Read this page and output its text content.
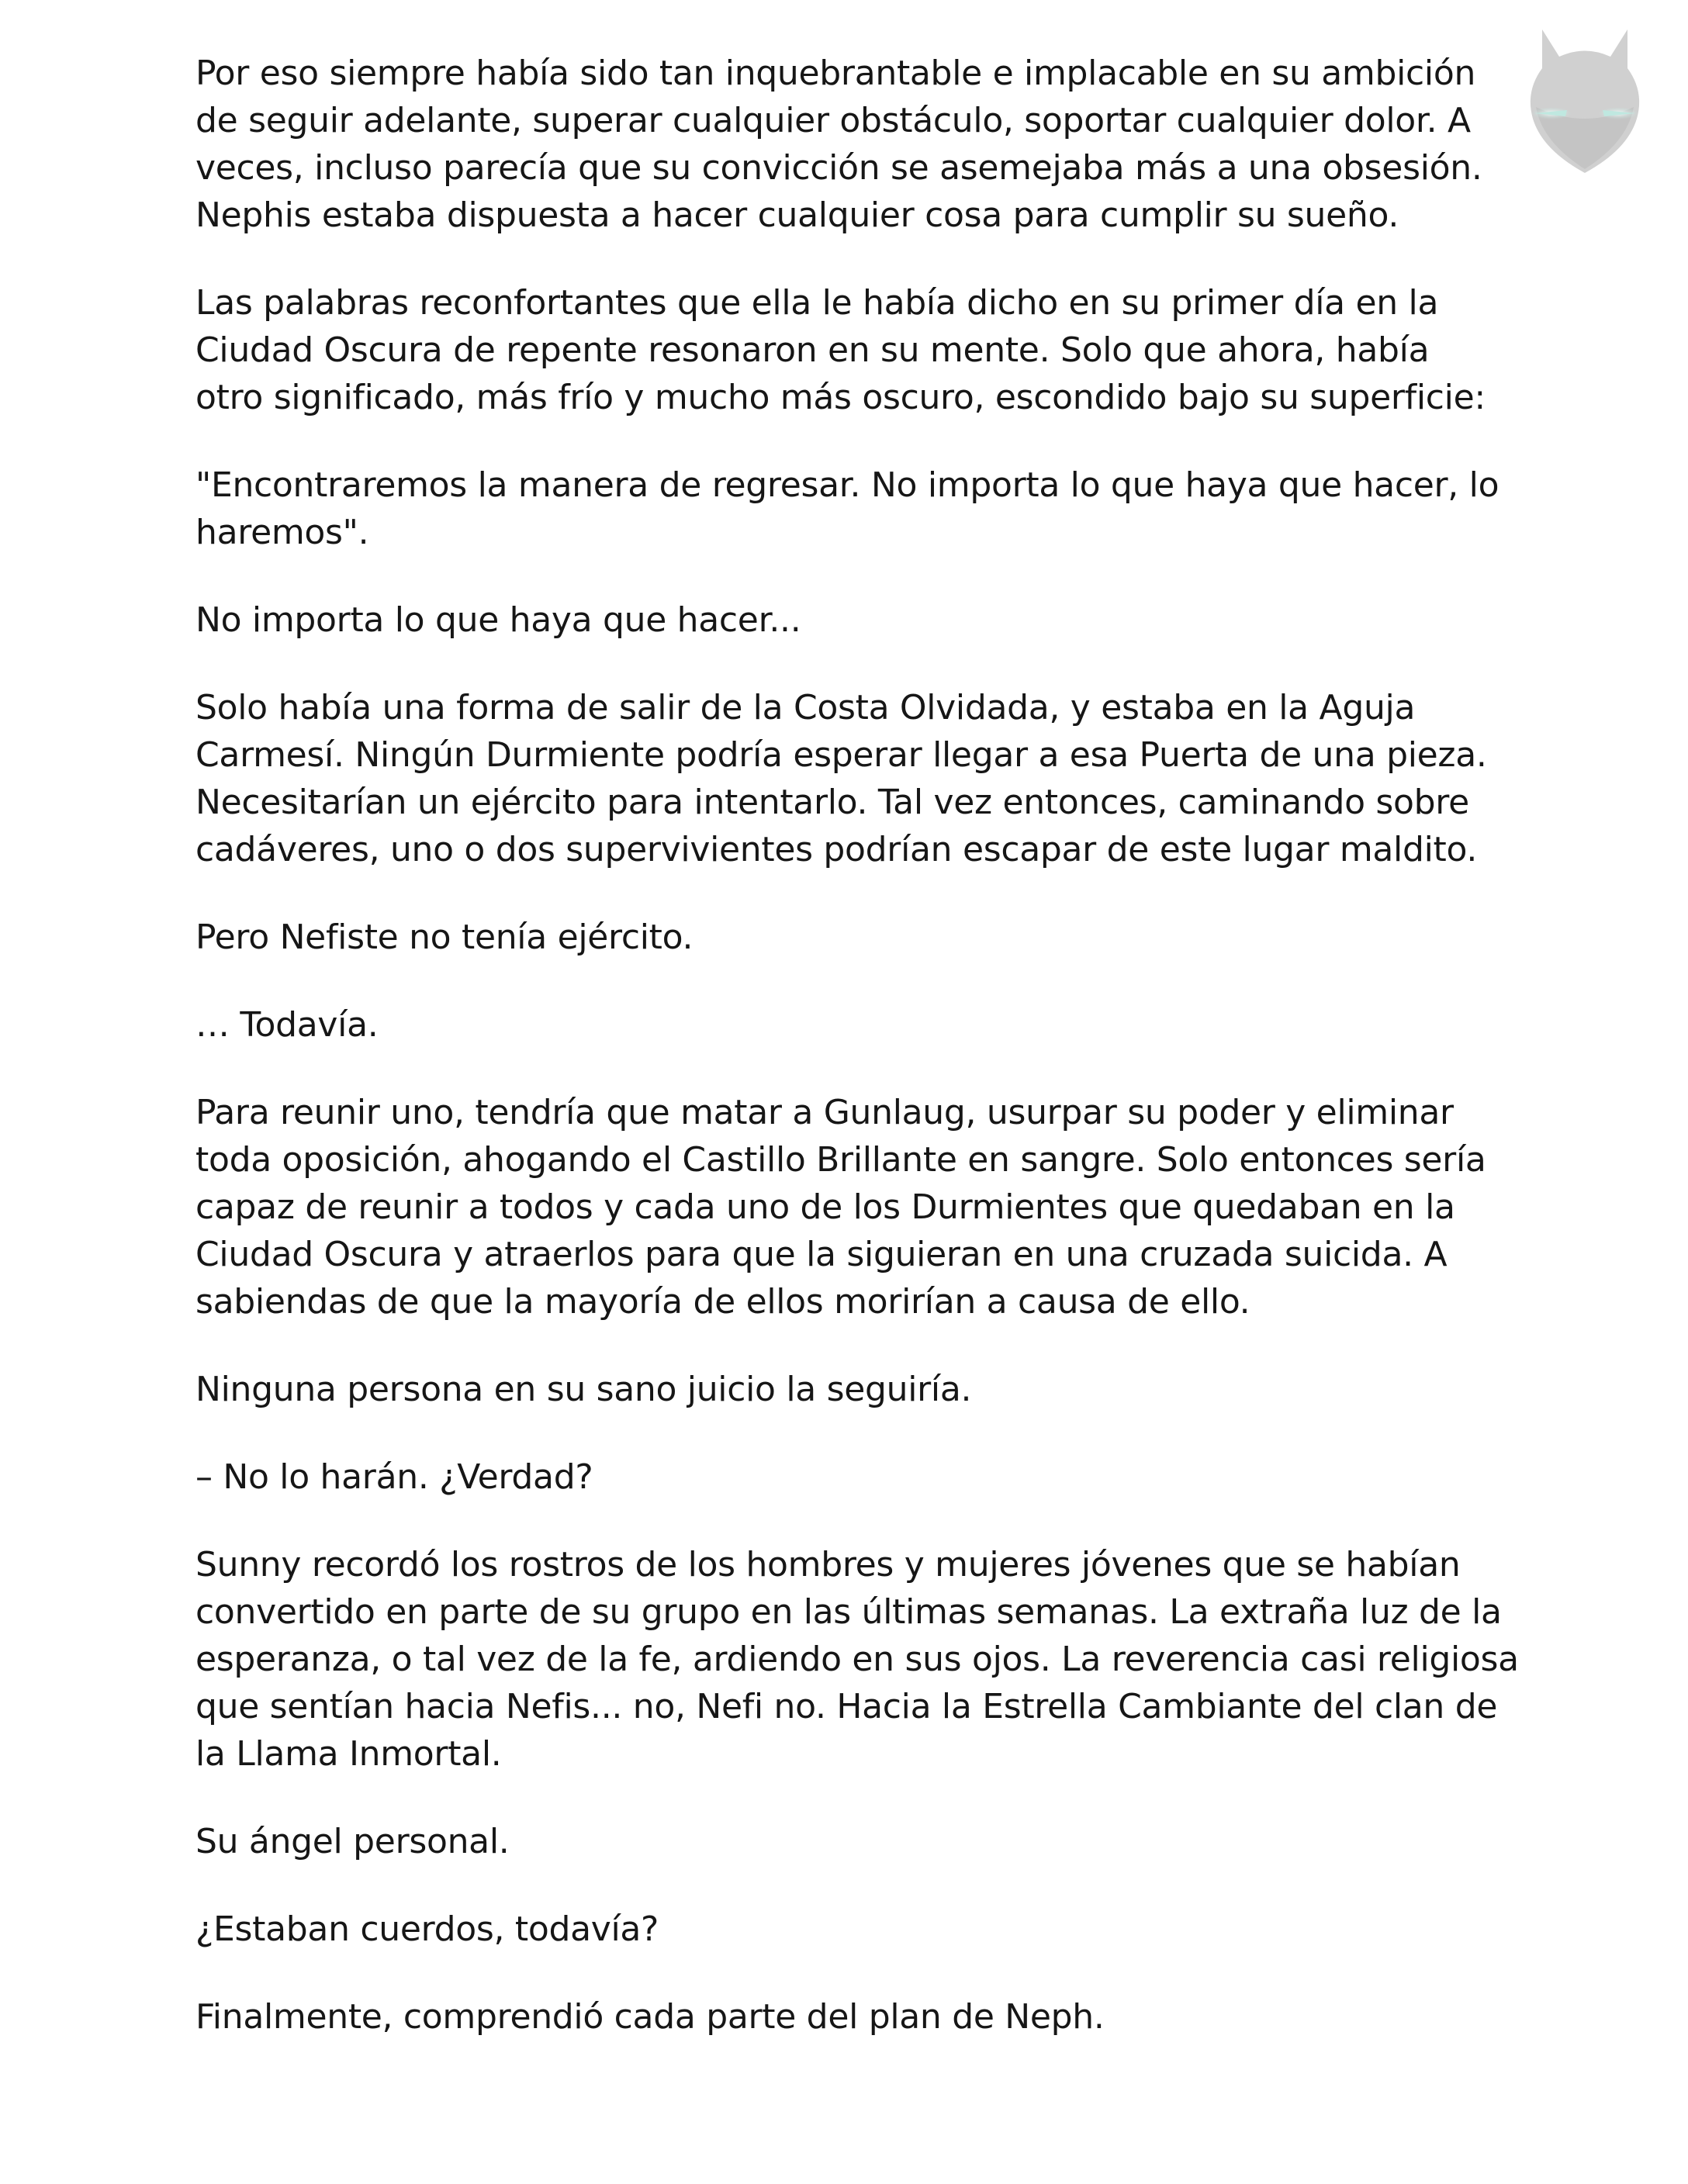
Por eso siempre había sido tan inquebrantable e implacable en su ambición
de seguir adelante, superar cualquier obstáculo, soportar cualquier dolor. A
veces, incluso parecía que su convicción se asemejaba más a una obsesión.
Nephis estaba dispuesta a hacer cualquier cosa para cumplir su sueño.

Las palabras reconfortantes que ella le había dicho en su primer día en la
Ciudad Oscura de repente resonaron en su mente. Solo que ahora, había
otro significado, más frío y mucho más oscuro, escondido bajo su superficie:

"Encontraremos la manera de regresar. No importa lo que haya que hacer, lo
haremos".

No importa lo que haya que hacer...

Solo había una forma de salir de la Costa Olvidada, y estaba en la Aguja
Carmesí. Ningún Durmiente podría esperar llegar a esa Puerta de una pieza.
Necesitarían un ejército para intentarlo. Tal vez entonces, caminando sobre
cadáveres, uno o dos supervivientes podrían escapar de este lugar maldito.

Pero Nefiste no tenía ejército.

… Todavía.

Para reunir uno, tendría que matar a Gunlaug, usurpar su poder y eliminar
toda oposición, ahogando el Castillo Brillante en sangre. Solo entonces sería
capaz de reunir a todos y cada uno de los Durmientes que quedaban en la
Ciudad Oscura y atraerlos para que la siguieran en una cruzada suicida. A
sabiendas de que la mayoría de ellos morirían a causa de ello.

Ninguna persona en su sano juicio la seguiría.

– No lo harán. ¿Verdad?

Sunny recordó los rostros de los hombres y mujeres jóvenes que se habían
convertido en parte de su grupo en las últimas semanas. La extraña luz de la
esperanza, o tal vez de la fe, ardiendo en sus ojos. La reverencia casi religiosa
que sentían hacia Nefis... no, Nefi no. Hacia la Estrella Cambiante del clan de
la Llama Inmortal.

Su ángel personal.

¿Estaban cuerdos, todavía?

Finalmente, comprendió cada parte del plan de Neph.
